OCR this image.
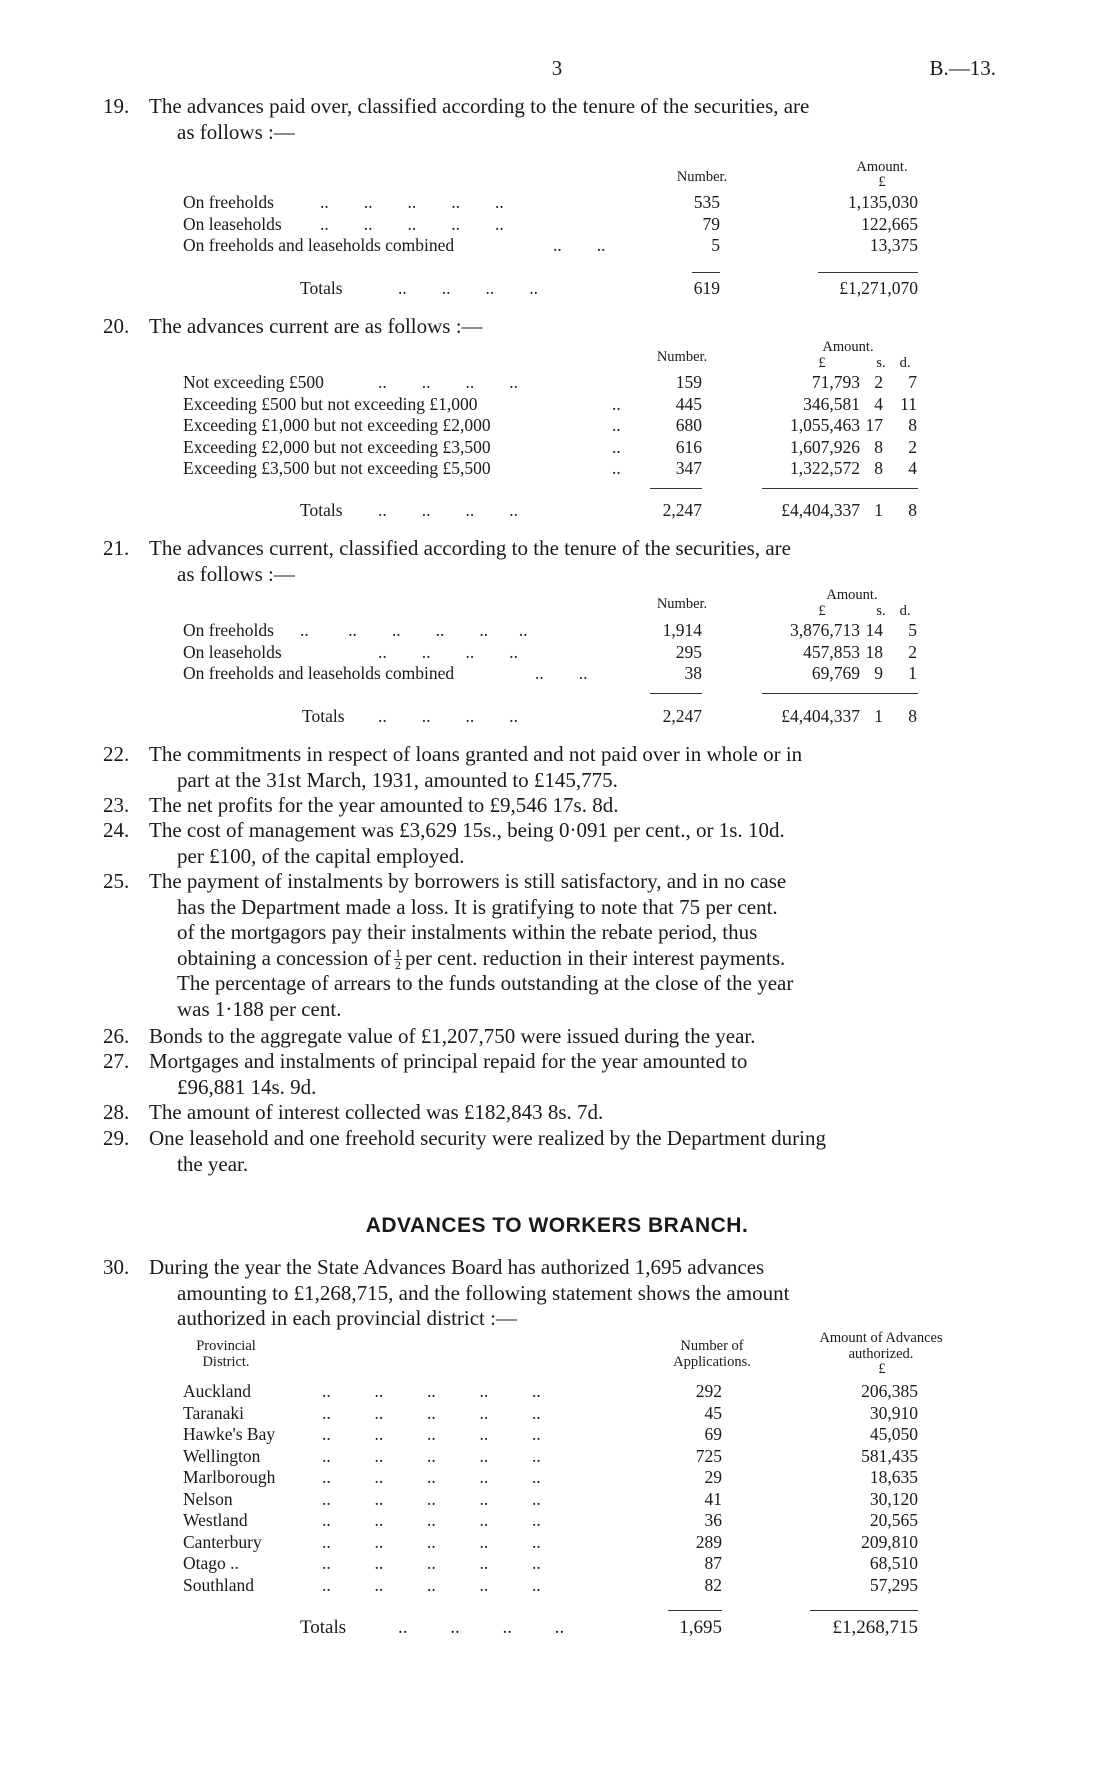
3	B.—13.
19. The advances paid over, classified according to the tenure of the securities, are
as follows :—
Number.
Amount.
£
On freeholds	..        ..        ..        ..        ..	535	1,135,030
On leaseholds ..        ..        ..        ..        ..	79	122,665
On freeholds and leaseholds combined	..        ..	5	13,375
Totals	..        ..        ..        ..	619	£1,271,070
20. The advances current are as follows :—
Number.
Amount.
£	s. d.
Not exceeding £500	..        ..        ..        ..	159	71,793 2	7
Exceeding £500 but not exceeding £1,000	..	445	346,581 4 11
Exceeding £1,000 but not exceeding £2,000	..	680	1,055,463 17	8
Exceeding £2,000 but not exceeding £3,500	..	616	1,607,926 8	2
Exceeding £3,500 but not exceeding £5,500	..	347	1,322,572 8	4
Totals ..        ..        ..        ..	2,247	£4,404,337 1	8
21. The advances current, classified according to the tenure of the securities, are
as follows :—
Number.
Amount.
£	s. d.
On freeholds ..         ..        ..        ..        ..       ..	1,914	3,876,713 14	5
On leaseholds	..        ..        ..        ..	295	457,853 18	2
On freeholds and leaseholds combined	..        ..	38	69,769 9	1
Totals ..        ..        ..        ..	2,247	£4,404,337 1	8
22. The commitments in respect of loans granted and not paid over in whole or in
part at the 31st March, 1931, amounted to £145,775.
23. The net profits for the year amounted to £9,546 17s. 8d.
24. The cost of management was £3,629 15s., being 0·091 per cent., or 1s. 10d.
per £100, of the capital employed.
25. The payment of instalments by borrowers is still satisfactory, and in no case
has the Department made a loss. It is gratifying to note that 75 per cent.
of the mortgagors pay their instalments within the rebate period, thus
obtaining a concession of $\frac{1}{2}$ per cent. reduction in their interest payments.
The percentage of arrears to the funds outstanding at the close of the year
was 1·188 per cent.
26. Bonds to the aggregate value of £1,207,750 were issued during the year.
27. Mortgages and instalments of principal repaid for the year amounted to
£96,881 14s. 9d.
28. The amount of interest collected was £182,843 8s. 7d.
29. One leasehold and one freehold security were realized by the Department during
the year.
ADVANCES TO WORKERS BRANCH.
30. During the year the State Advances Board has authorized 1,695 advances
amounting to £1,268,715, and the following statement shows the amount
authorized in each provincial district :—
Provincial
District.
Number of
Applications.
Amount of Advances
authorized.
£
Auckland	..          ..          ..          ..          ..	292	206,385
Taranaki	..          ..          ..          ..          ..	45	30,910
Hawke's Bay	..          ..          ..          ..          ..	69	45,050
Wellington	..          ..          ..          ..          ..	725	581,435
Marlborough	..          ..          ..          ..          ..	29	18,635
Nelson	..          ..          ..          ..          ..	41	30,120
Westland	..          ..          ..          ..          ..	36	20,565
Canterbury	..          ..          ..          ..          ..	289	209,810
Otago ..	..          ..          ..          ..          ..	87	68,510
Southland	..          ..          ..          ..          ..	82	57,295
Totals	..         ..         ..         ..	1,695	£1,268,715
